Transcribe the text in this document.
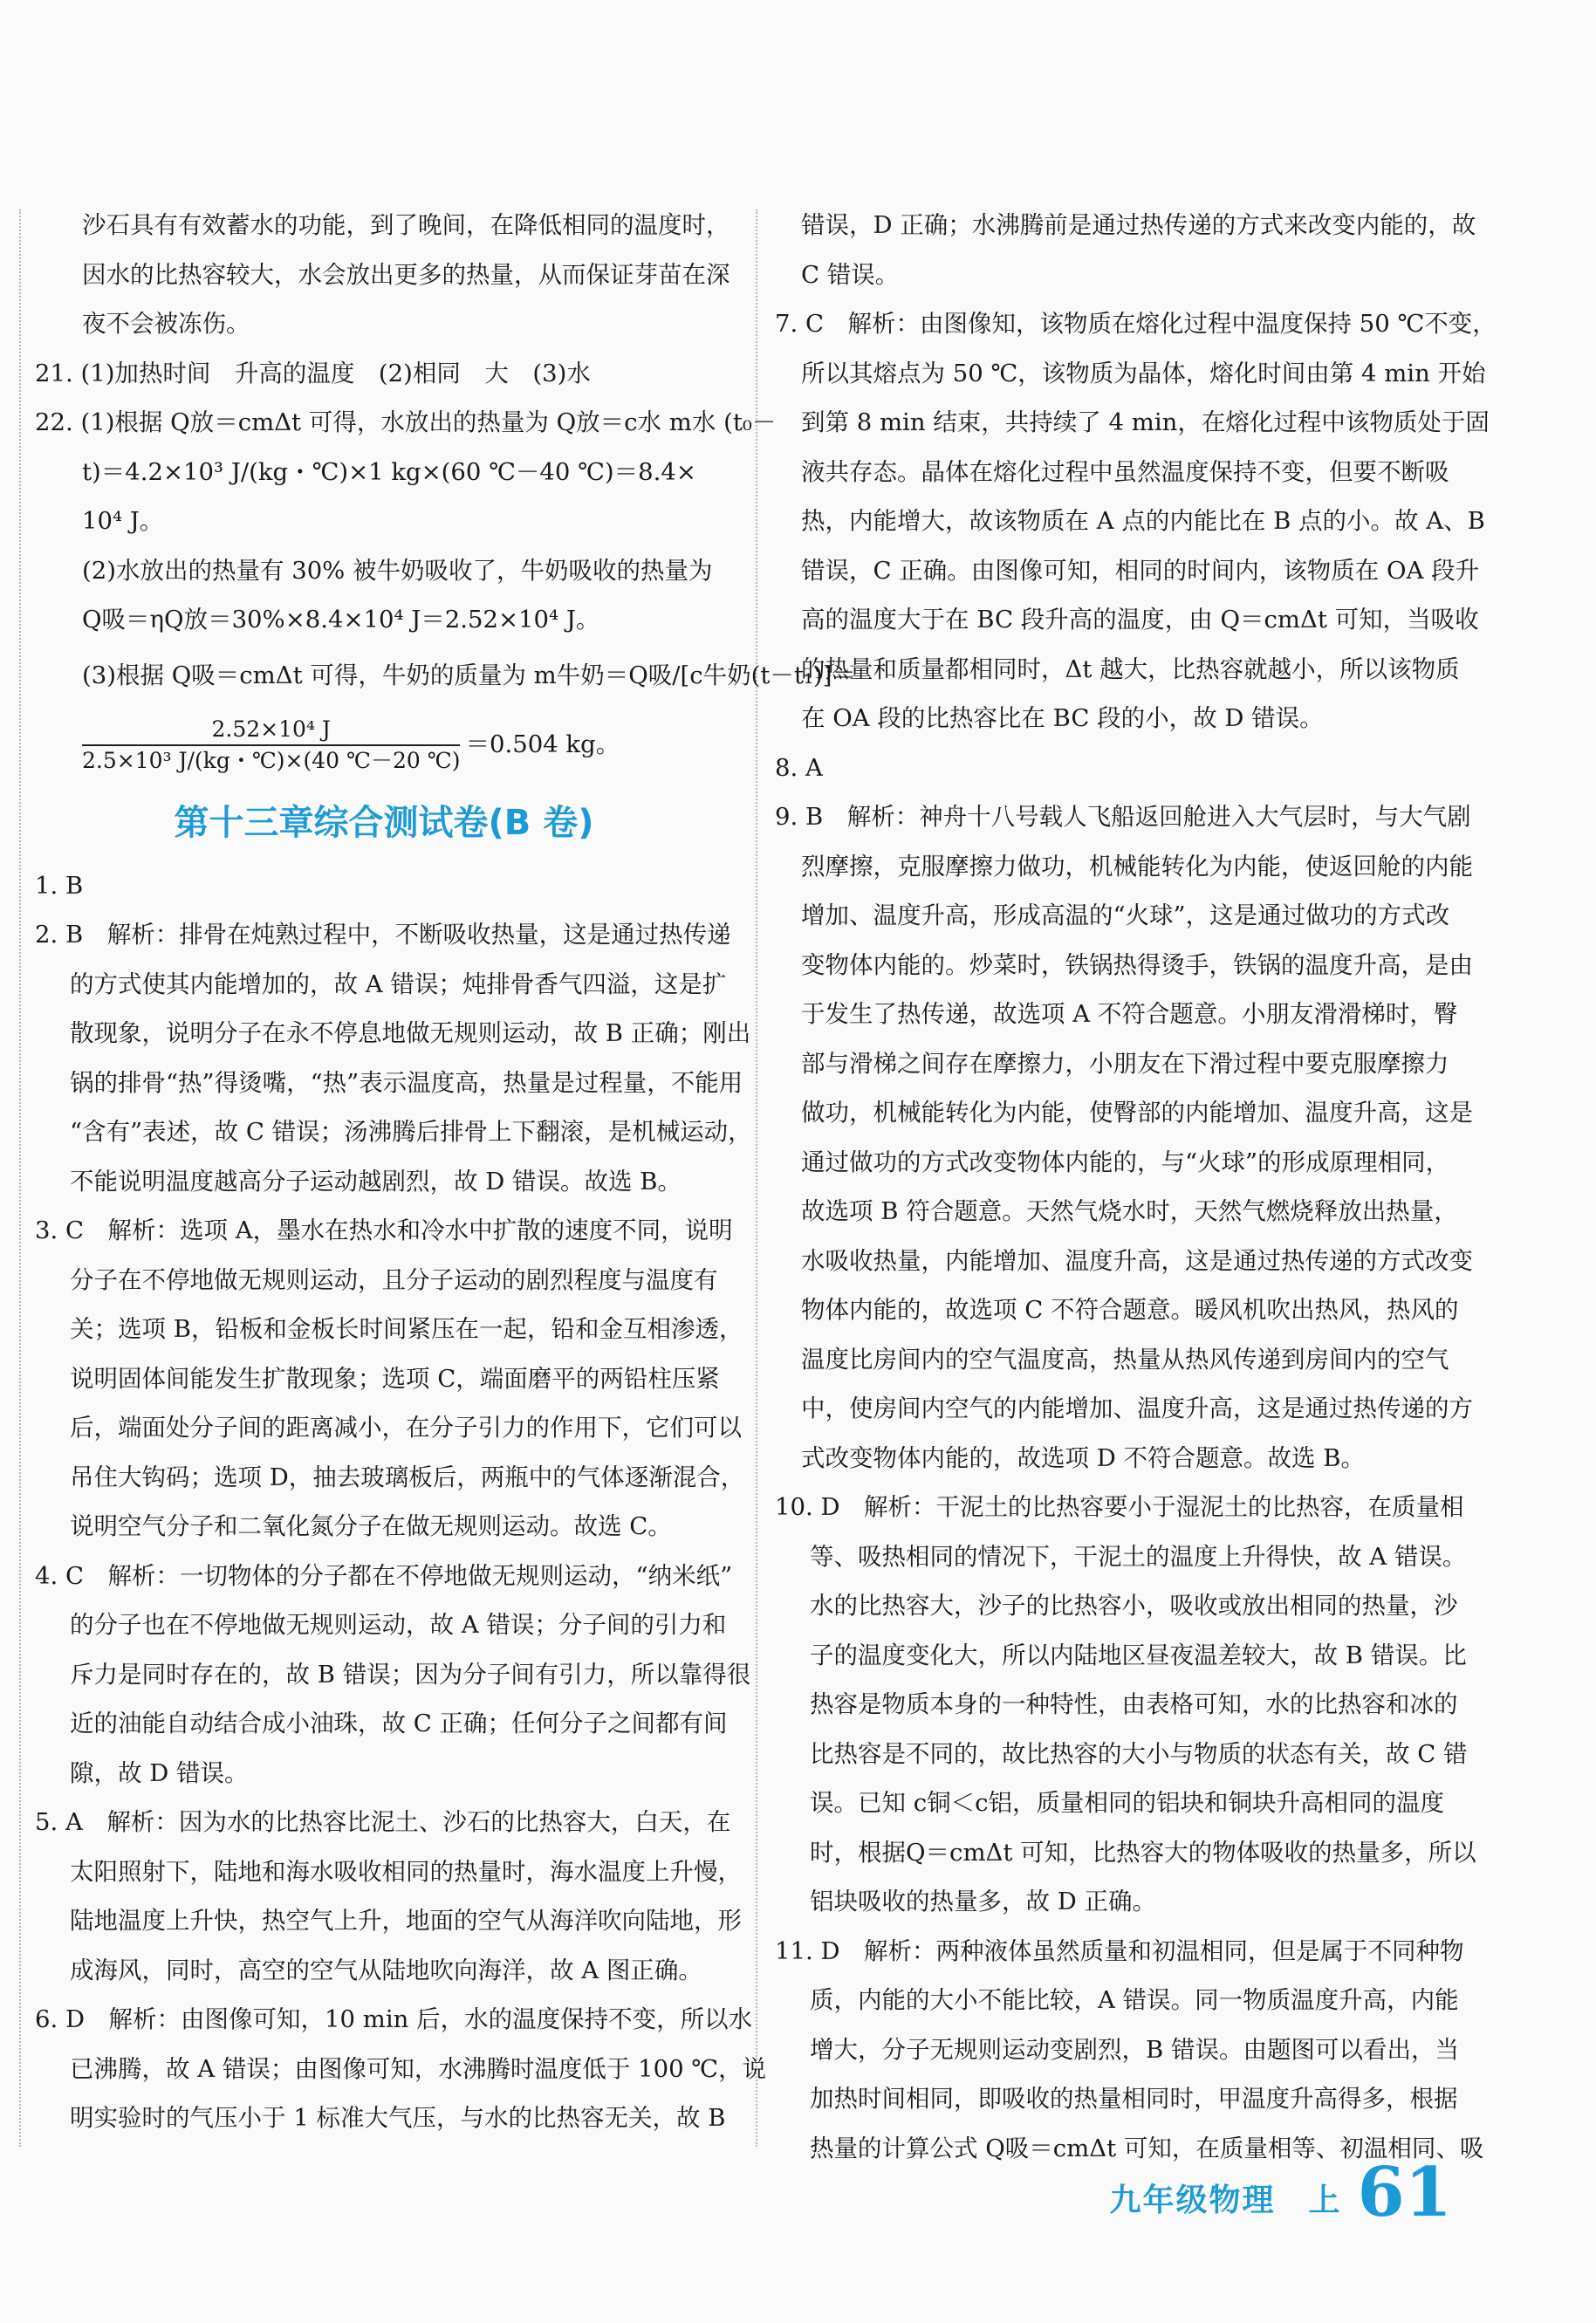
沙石具有有效蓄水的功能，到了晚间，在降低相同的温度时，
因水的比热容较大，水会放出更多的热量，从而保证芽苗在深
夜不会被冻伤。
21. (1)加热时间　升高的温度　(2)相同　大　(3)水
22. (1)根据 Q放＝cmΔt 可得，水放出的热量为 Q放＝c水 m水 (t₀－
t)＝4.2×10³ J/(kg・℃)×1 kg×(60 ℃－40 ℃)＝8.4×
10⁴ J。
(2)水放出的热量有 30% 被牛奶吸收了，牛奶吸收的热量为
Q吸＝ηQ放＝30%×8.4×10⁴ J＝2.52×10⁴ J。
(3)根据 Q吸＝cmΔt 可得，牛奶的质量为 m牛奶＝Q吸/[c牛奶(t－t₁)]＝
$\frac{\text{2.52×10⁴ J}}{\text{2.5×10³ J/(kg・℃)×(40 ℃－20 ℃)}} =0.504$ kg。
第十三章综合测试卷(B 卷)
1. B
2. B　解析：排骨在炖熟过程中，不断吸收热量，这是通过热传递
的方式使其内能增加的，故 A 错误；炖排骨香气四溢，这是扩
散现象，说明分子在永不停息地做无规则运动，故 B 正确；刚出
锅的排骨“热”得烫嘴，“热”表示温度高，热量是过程量，不能用
“含有”表述，故 C 错误；汤沸腾后排骨上下翻滚，是机械运动，
不能说明温度越高分子运动越剧烈，故 D 错误。故选 B。
3. C　解析：选项 A，墨水在热水和冷水中扩散的速度不同，说明
分子在不停地做无规则运动，且分子运动的剧烈程度与温度有
关；选项 B，铅板和金板长时间紧压在一起，铅和金互相渗透，
说明固体间能发生扩散现象；选项 C，端面磨平的两铅柱压紧
后，端面处分子间的距离减小，在分子引力的作用下，它们可以
吊住大钩码；选项 D，抽去玻璃板后，两瓶中的气体逐渐混合，
说明空气分子和二氧化氮分子在做无规则运动。故选 C。
4. C　解析：一切物体的分子都在不停地做无规则运动，“纳米纸”
的分子也在不停地做无规则运动，故 A 错误；分子间的引力和
斥力是同时存在的，故 B 错误；因为分子间有引力，所以靠得很
近的油能自动结合成小油珠，故 C 正确；任何分子之间都有间
隙，故 D 错误。
5. A　解析：因为水的比热容比泥土、沙石的比热容大，白天，在
太阳照射下，陆地和海水吸收相同的热量时，海水温度上升慢，
陆地温度上升快，热空气上升，地面的空气从海洋吹向陆地，形
成海风，同时，高空的空气从陆地吹向海洋，故 A 图正确。
6. D　解析：由图像可知，10 min 后，水的温度保持不变，所以水
已沸腾，故 A 错误；由图像可知，水沸腾时温度低于 100 ℃，说
明实验时的气压小于 1 标准大气压，与水的比热容无关，故 B
错误，D 正确；水沸腾前是通过热传递的方式来改变内能的，故
C 错误。
7. C　解析：由图像知，该物质在熔化过程中温度保持 50 ℃不变，
所以其熔点为 50 ℃，该物质为晶体，熔化时间由第 4 min 开始
到第 8 min 结束，共持续了 4 min，在熔化过程中该物质处于固
液共存态。晶体在熔化过程中虽然温度保持不变，但要不断吸
热，内能增大，故该物质在 A 点的内能比在 B 点的小。故 A、B
错误，C 正确。由图像可知，相同的时间内，该物质在 OA 段升
高的温度大于在 BC 段升高的温度，由 Q＝cmΔt 可知，当吸收
的热量和质量都相同时，Δt 越大，比热容就越小，所以该物质
在 OA 段的比热容比在 BC 段的小，故 D 错误。
8. A
9. B　解析：神舟十八号载人飞船返回舱进入大气层时，与大气剧
烈摩擦，克服摩擦力做功，机械能转化为内能，使返回舱的内能
增加、温度升高，形成高温的“火球”，这是通过做功的方式改
变物体内能的。炒菜时，铁锅热得烫手，铁锅的温度升高，是由
于发生了热传递，故选项 A 不符合题意。小朋友滑滑梯时，臀
部与滑梯之间存在摩擦力，小朋友在下滑过程中要克服摩擦力
做功，机械能转化为内能，使臀部的内能增加、温度升高，这是
通过做功的方式改变物体内能的，与“火球”的形成原理相同，
故选项 B 符合题意。天然气烧水时，天然气燃烧释放出热量，
水吸收热量，内能增加、温度升高，这是通过热传递的方式改变
物体内能的，故选项 C 不符合题意。暖风机吹出热风，热风的
温度比房间内的空气温度高，热量从热风传递到房间内的空气
中，使房间内空气的内能增加、温度升高，这是通过热传递的方
式改变物体内能的，故选项 D 不符合题意。故选 B。
10. D　解析：干泥土的比热容要小于湿泥土的比热容，在质量相
等、吸热相同的情况下，干泥土的温度上升得快，故 A 错误。
水的比热容大，沙子的比热容小，吸收或放出相同的热量，沙
子的温度变化大，所以内陆地区昼夜温差较大，故 B 错误。比
热容是物质本身的一种特性，由表格可知，水的比热容和冰的
比热容是不同的，故比热容的大小与物质的状态有关，故 C 错
误。已知 c铜＜c铝，质量相同的铝块和铜块升高相同的温度
时，根据Q＝cmΔt 可知，比热容大的物体吸收的热量多，所以
铝块吸收的热量多，故 D 正确。
11. D　解析：两种液体虽然质量和初温相同，但是属于不同种物
质，内能的大小不能比较，A 错误。同一物质温度升高，内能
增大，分子无规则运动变剧烈，B 错误。由题图可以看出，当
加热时间相同，即吸收的热量相同时，甲温度升高得多，根据
热量的计算公式 Q吸＝cmΔt 可知，在质量相等、初温相同、吸
九年级物理　上 61
